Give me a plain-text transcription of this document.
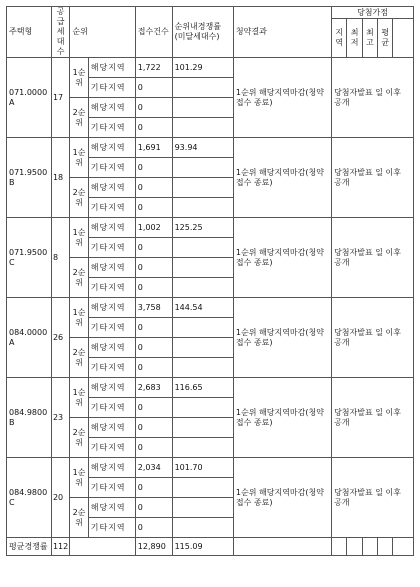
주택형	공급세대수	순위		접수건수	순위내경쟁률(미달세대수)	청약결과	당첨가점				
							지역	최저	최고	평균	
071.0000A	17	1순위	해당지역	1,722	101.29	1순위 해당지역마감(청약 접수 종료)	당첨자발표 일 이후 공개				
			기타지역	0							
		2순위	해당지역	0							
			기타지역	0							
071.9500B	18	1순위	해당지역	1,691	93.94	1순위 해당지역마감(청약 접수 종료)	당첨자발표 일 이후 공개				
			기타지역	0							
		2순위	해당지역	0							
			기타지역	0							
071.9500C	8	1순위	해당지역	1,002	125.25	1순위 해당지역마감(청약 접수 종료)	당첨자발표 일 이후 공개				
			기타지역	0							
		2순위	해당지역	0							
			기타지역	0							
084.0000A	26	1순위	해당지역	3,758	144.54	1순위 해당지역마감(청약 접수 종료)	당첨자발표 일 이후 공개				
			기타지역	0							
		2순위	해당지역	0							
			기타지역	0							
084.9800B	23	1순위	해당지역	2,683	116.65	1순위 해당지역마감(청약 접수 종료)	당첨자발표 일 이후 공개				
			기타지역	0							
		2순위	해당지역	0							
			기타지역	0							
084.9800C	20	1순위	해당지역	2,034	101.70	1순위 해당지역마감(청약 접수 종료)	당첨자발표 일 이후 공개				
			기타지역	0							
		2순위	해당지역	0							
			기타지역	0							
평균경쟁률	112			12,890	115.09						
